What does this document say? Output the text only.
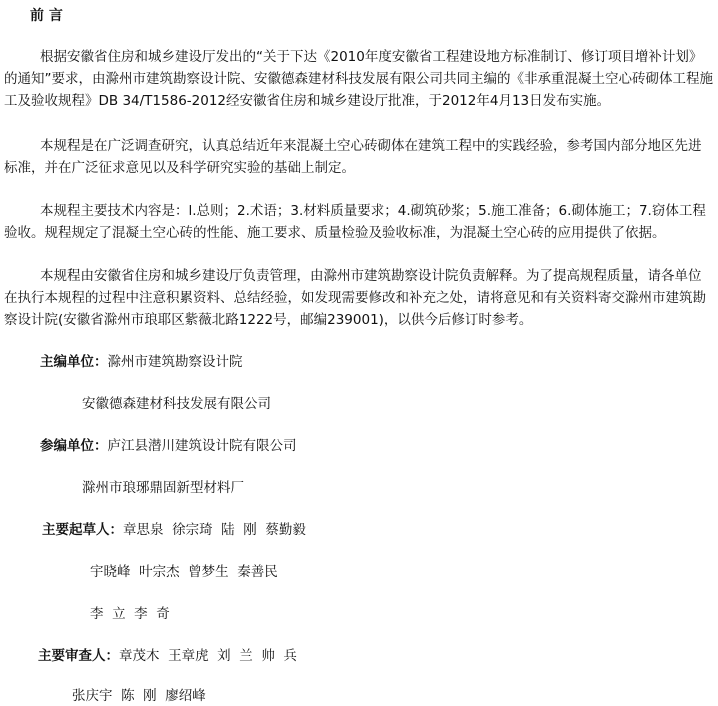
前 言

根据安徽省住房和城乡建设厅发出的“关于下达《2010年度安徽省工程建设地方标准制订、修订项目增补计划》的通知”要求，由滁州市建筑勘察设计院、安徽德森建材科技发展有限公司共同主编的《非承重混凝土空心砖砌体工程施工及验收规程》DB 34/T1586-2012经安徽省住房和城乡建设厅批准，于2012年4月13日发布实施。

本规程是在广泛调查研究，认真总结近年来混凝土空心砖砌体在建筑工程中的实践经验，参考国内部分地区先进标准，并在广泛征求意见以及科学研究实验的基础上制定。

本规程主要技术内容是：l.总则；2.术语；3.材料质量要求；4.砌筑砂浆；5.施工准备；6.砌体施工；7.窃体工程验收。规程规定了混凝土空心砖的性能、施工要求、质量检验及验收标准，为混凝土空心砖的应用提供了依据。

本规程由安徽省住房和城乡建设厅负责管理，由滁州市建筑勘察设计院负责解释。为了提高规程质量，请各单位在执行本规程的过程中注意积累资料、总结经验，如发现需要修改和补充之处，请将意见和有关资料寄交滁州市建筑勘察设计院(安徽省滁州市琅耶区紫薇北路1222号，邮编239001)，以供今后修订时参考。

主编单位：滁州市建筑勘察设计院
安徽德森建材科技发展有限公司
参编单位：庐江县潜川建筑设计院有限公司
滁州市琅琊鼎固新型材料厂
主要起草人：章思泉  徐宗琦  陆  刚  蔡勤毅
宇晓峰  叶宗杰  曾梦生  秦善民
李  立  李  奇
主要审查人：章茂木  王章虎  刘  兰  帅  兵
张庆宇  陈  刚  廖绍峰
